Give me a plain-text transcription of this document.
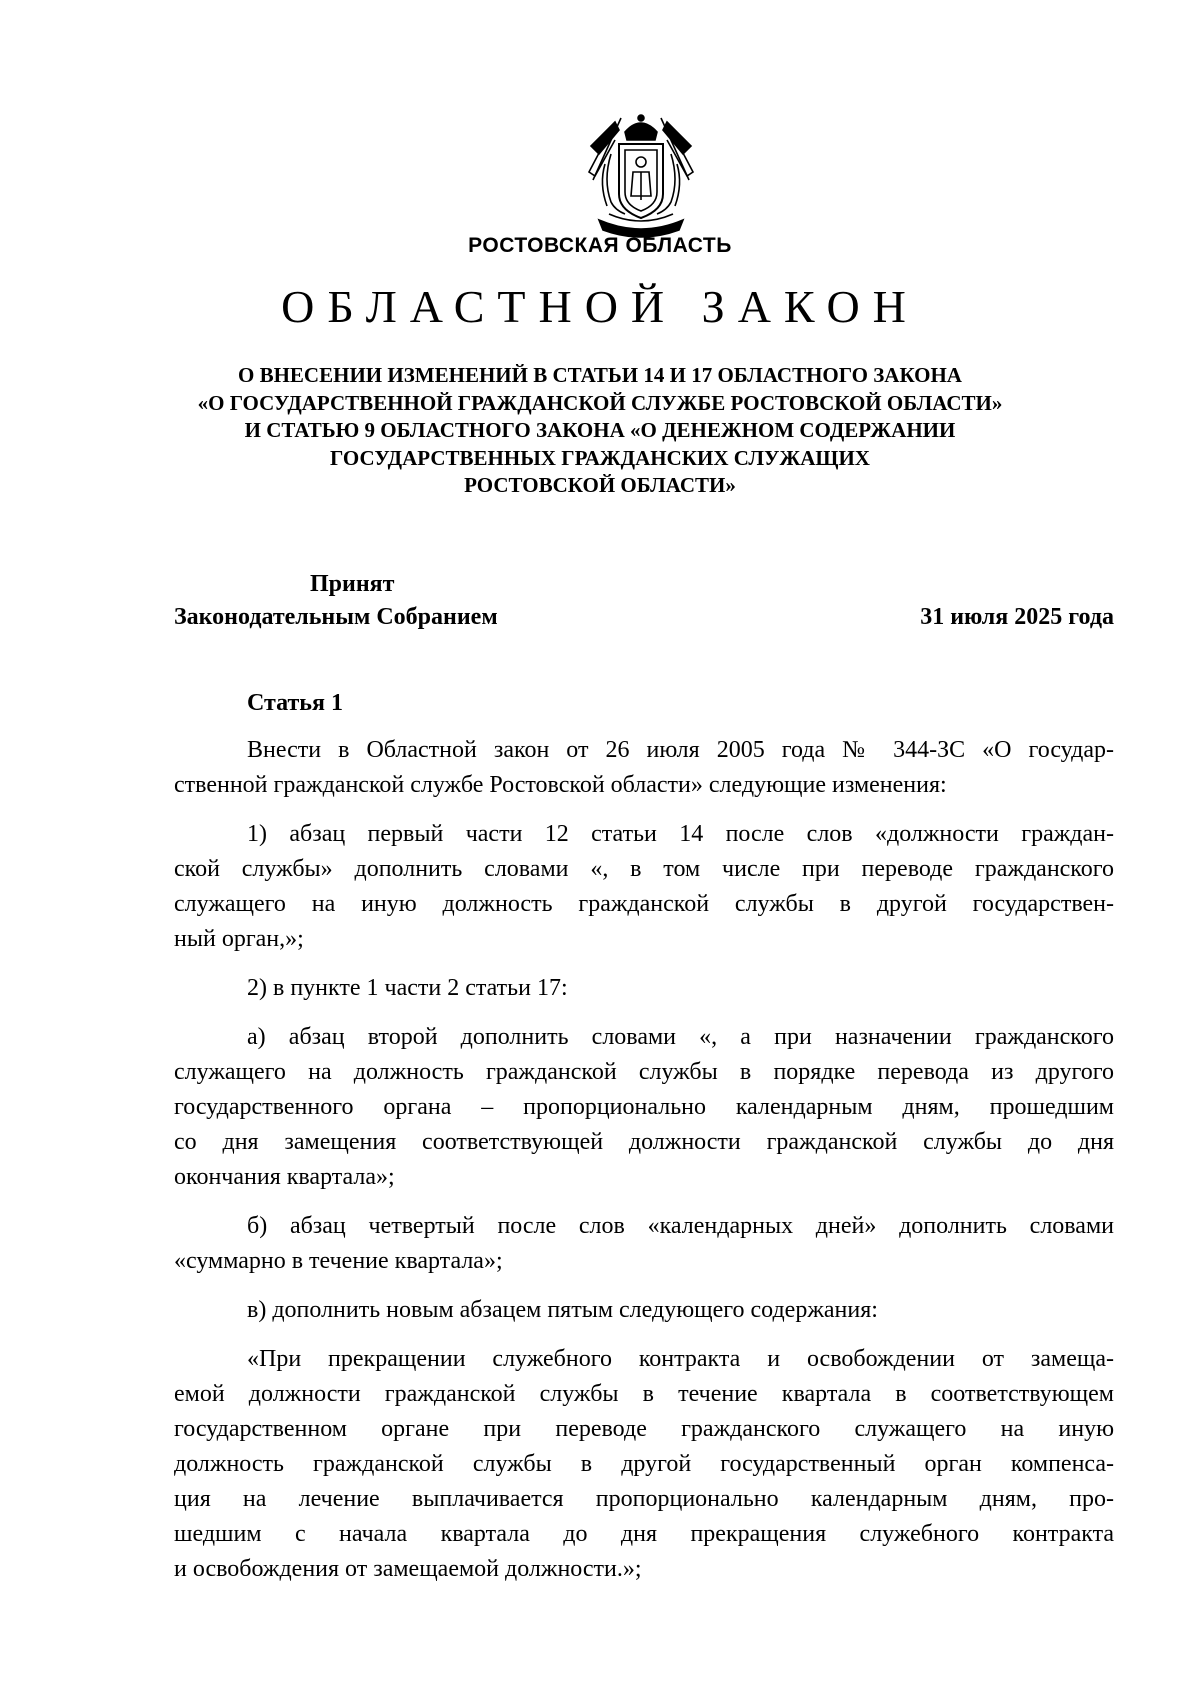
РОСТОВСКАЯ ОБЛАСТЬ
ОБЛАСТНОЙ ЗАКОН
О ВНЕСЕНИИ ИЗМЕНЕНИЙ В СТАТЬИ 14 И 17 ОБЛАСТНОГО ЗАКОНА
«О ГОСУДАРСТВЕННОЙ ГРАЖДАНСКОЙ СЛУЖБЕ РОСТОВСКОЙ ОБЛАСТИ»
И СТАТЬЮ 9 ОБЛАСТНОГО ЗАКОНА «О ДЕНЕЖНОМ СОДЕРЖАНИИ
ГОСУДАРСТВЕННЫХ ГРАЖДАНСКИХ СЛУЖАЩИХ
РОСТОВСКОЙ ОБЛАСТИ»
Принят
Законодательным Собранием	31 июля 2025 года
Статья 1

Внести в Областной закон от 26 июля 2005 года № 344-ЗС «О государ-
ственной гражданской службе Ростовской области» следующие изменения:

1) абзац первый части 12 статьи 14 после слов «должности граждан-
ской службы» дополнить словами «, в том числе при переводе гражданского
служащего на иную должность гражданской службы в другой государствен-
ный орган,»;

2) в пункте 1 части 2 статьи 17:

а) абзац второй дополнить словами «, а при назначении гражданского
служащего на должность гражданской службы в порядке перевода из другого
государственного органа – пропорционально календарным дням, прошедшим
со дня замещения соответствующей должности гражданской службы до дня
окончания квартала»;

б) абзац четвертый после слов «календарных дней» дополнить словами
«суммарно в течение квартала»;

в) дополнить новым абзацем пятым следующего содержания:

«При прекращении служебного контракта и освобождении от замеща-
емой должности гражданской службы в течение квартала в соответствующем
государственном органе при переводе гражданского служащего на иную
должность гражданской службы в другой государственный орган компенса-
ция на лечение выплачивается пропорционально календарным дням, про-
шедшим с начала квартала до дня прекращения служебного контракта
и освобождения от замещаемой должности.»;
